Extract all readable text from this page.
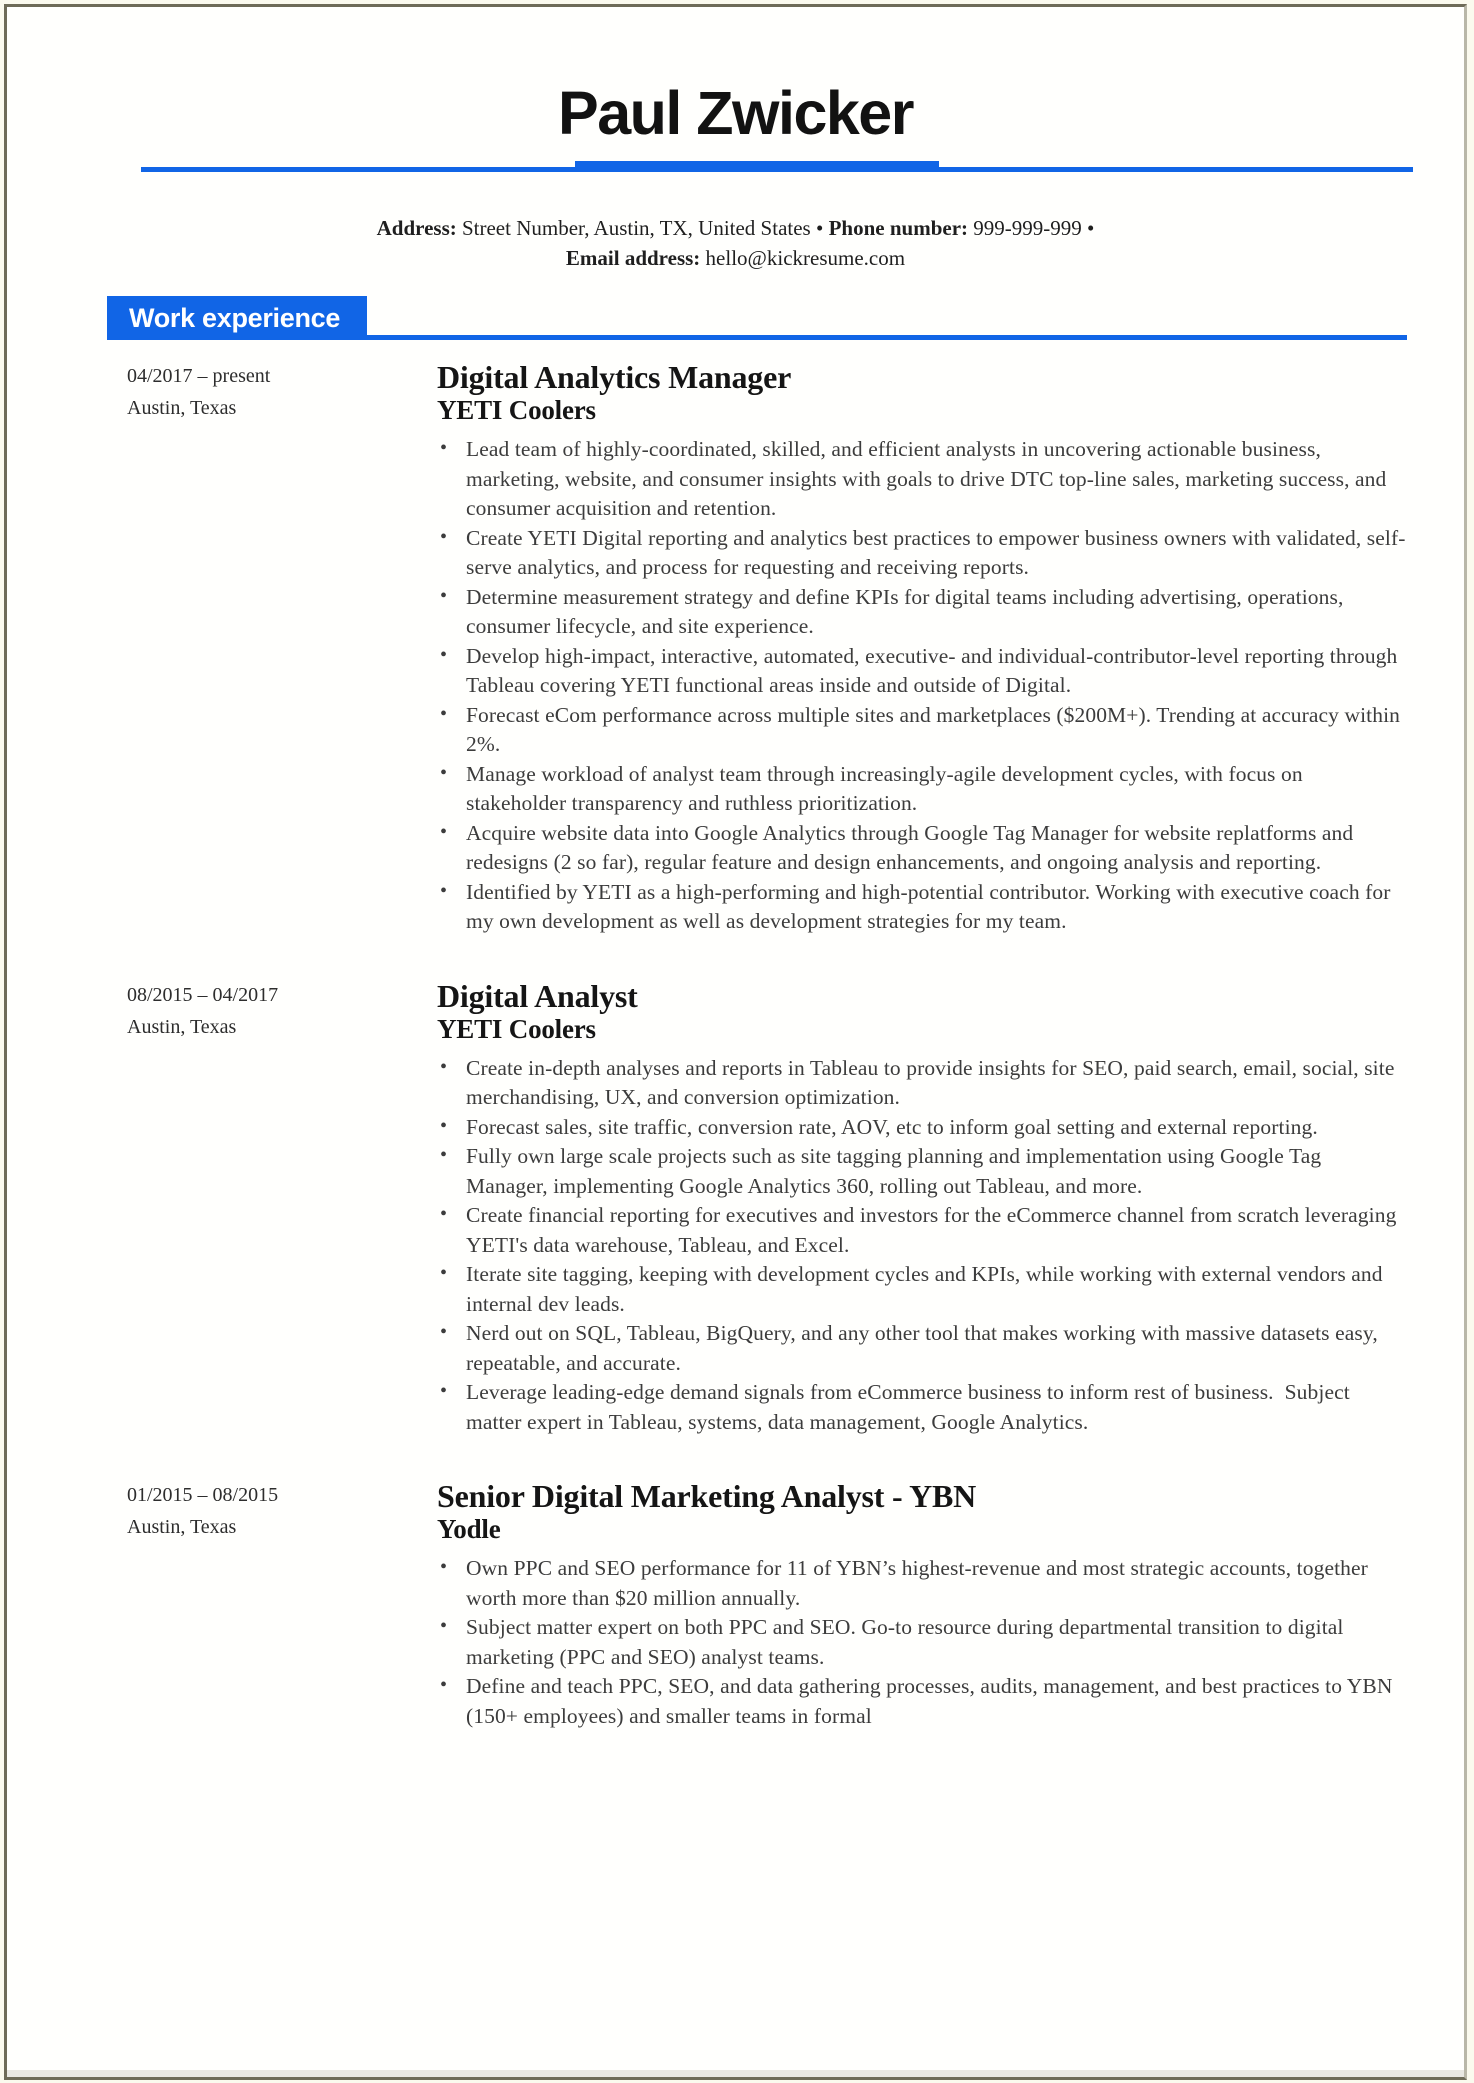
Paul Zwicker

Address: Street Number, Austin, TX, United States • Phone number: 999-999-999 •
Email address: hello@kickresume.com

Work experience
04/2017 – present
Austin, Texas
Digital Analytics Manager
YETI Coolers
• Lead team of highly-coordinated, skilled, and efficient analysts in uncovering actionable business, marketing, website, and consumer insights with goals to drive DTC top-line sales, marketing success, and consumer acquisition and retention.
• Create YETI Digital reporting and analytics best practices to empower business owners with validated, self-serve analytics, and process for requesting and receiving reports.
• Determine measurement strategy and define KPIs for digital teams including advertising, operations, consumer lifecycle, and site experience.
• Develop high-impact, interactive, automated, executive- and individual-contributor-level reporting through Tableau covering YETI functional areas inside and outside of Digital.
• Forecast eCom performance across multiple sites and marketplaces ($200M+). Trending at accuracy within 2%.
• Manage workload of analyst team through increasingly-agile development cycles, with focus on stakeholder transparency and ruthless prioritization.
• Acquire website data into Google Analytics through Google Tag Manager for website replatforms and redesigns (2 so far), regular feature and design enhancements, and ongoing analysis and reporting.
• Identified by YETI as a high-performing and high-potential contributor. Working with executive coach for my own development as well as development strategies for my team.
08/2015 – 04/2017
Austin, Texas
Digital Analyst
YETI Coolers
• Create in-depth analyses and reports in Tableau to provide insights for SEO, paid search, email, social, site merchandising, UX, and conversion optimization.
• Forecast sales, site traffic, conversion rate, AOV, etc to inform goal setting and external reporting.
• Fully own large scale projects such as site tagging planning and implementation using Google Tag Manager, implementing Google Analytics 360, rolling out Tableau, and more.
• Create financial reporting for executives and investors for the eCommerce channel from scratch leveraging YETI's data warehouse, Tableau, and Excel.
• Iterate site tagging, keeping with development cycles and KPIs, while working with external vendors and internal dev leads.
• Nerd out on SQL, Tableau, BigQuery, and any other tool that makes working with massive datasets easy, repeatable, and accurate.
• Leverage leading-edge demand signals from eCommerce business to inform rest of business.  Subject matter expert in Tableau, systems, data management, Google Analytics.
01/2015 – 08/2015
Austin, Texas
Senior Digital Marketing Analyst - YBN
Yodle
• Own PPC and SEO performance for 11 of YBN’s highest-revenue and most strategic accounts, together worth more than $20 million annually.
• Subject matter expert on both PPC and SEO. Go-to resource during departmental transition to digital marketing (PPC and SEO) analyst teams.
• Define and teach PPC, SEO, and data gathering processes, audits, management, and best practices to YBN (150+ employees) and smaller teams in formal
